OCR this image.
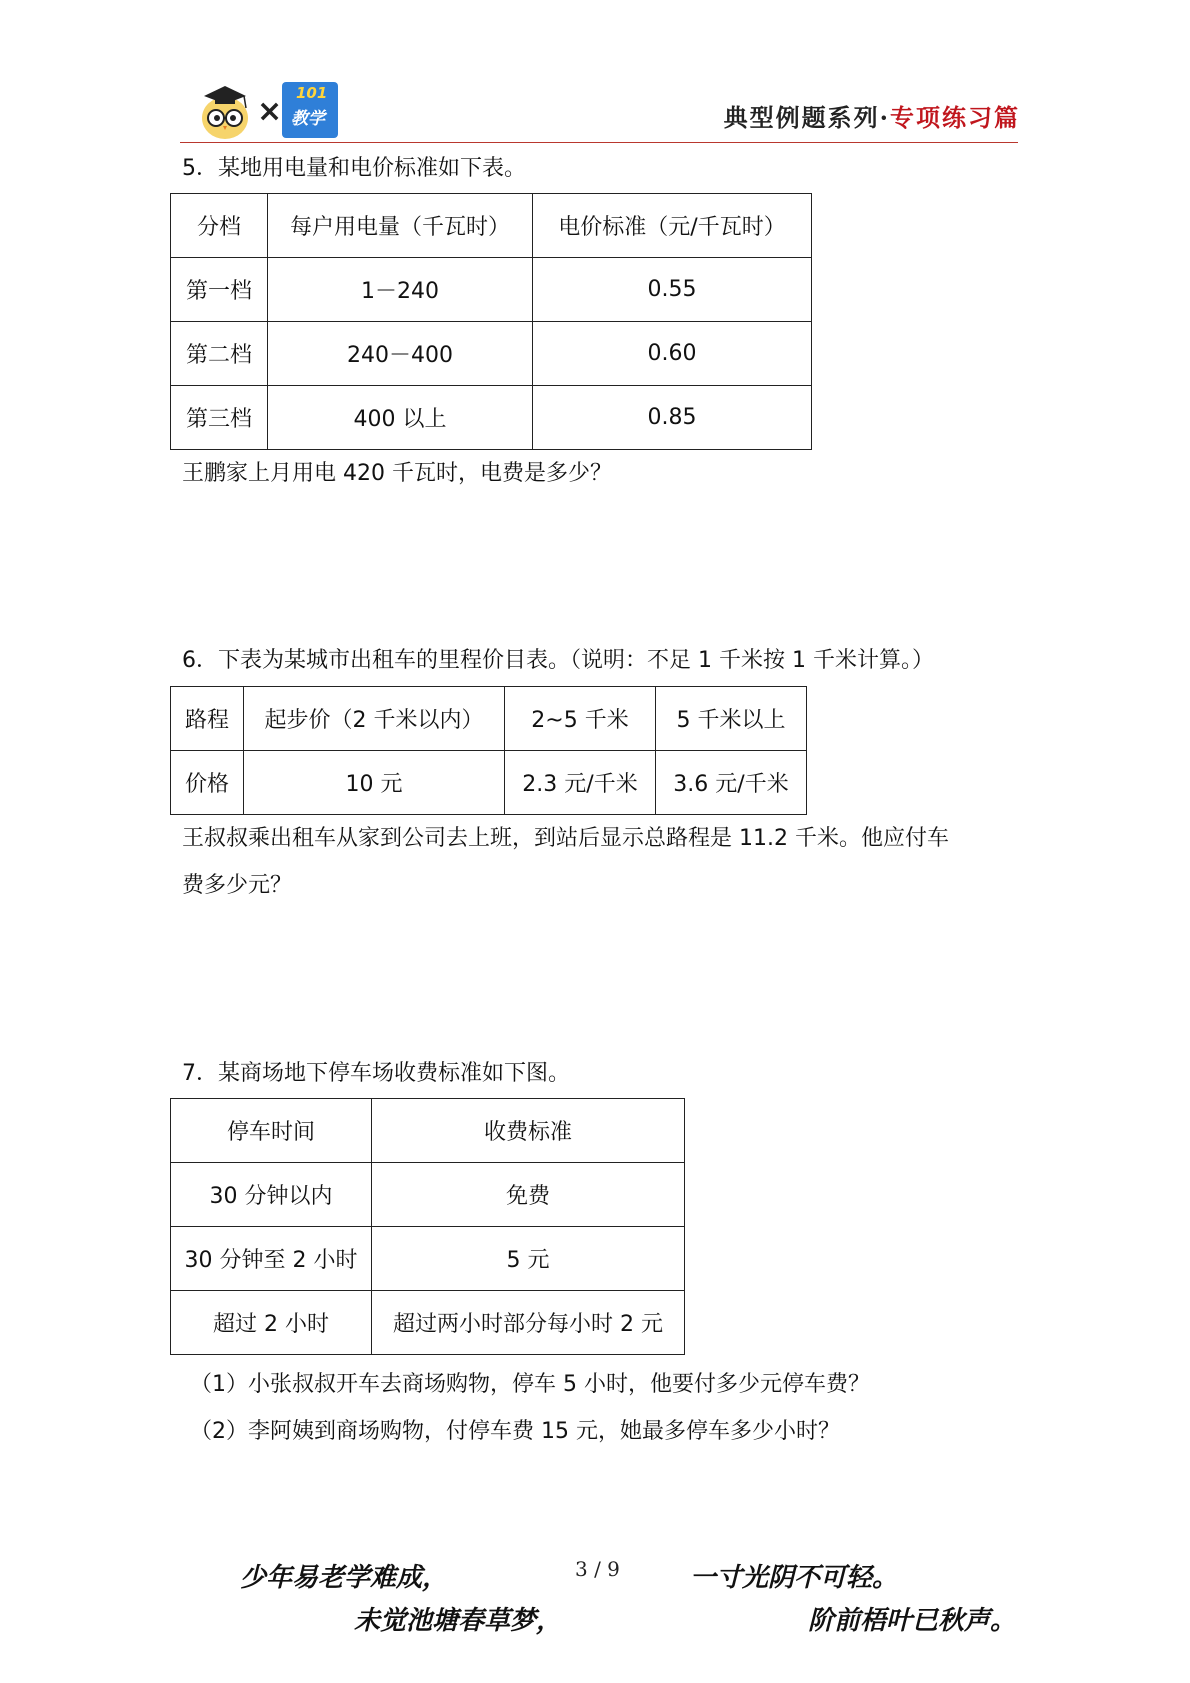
×
101
教学	典型例题系列·专项练习篇
5．某地用电量和电价标准如下表。
分档	每户用电量（千瓦时）	电价标准（元/千瓦时）
第一档	1－240	0.55
第二档	240－400	0.60
第三档	400 以上	0.85
王鹏家上月用电 420 千瓦时，电费是多少？
6．下表为某城市出租车的里程价目表。（说明：不足 1 千米按 1 千米计算。）
路程	起步价（2 千米以内）	2~5 千米	5 千米以上
价格	10 元	2.3 元/千米	3.6 元/千米
王叔叔乘出租车从家到公司去上班，到站后显示总路程是 11.2 千米。他应付车
费多少元？
7．某商场地下停车场收费标准如下图。
停车时间	收费标准
30 分钟以内	免费
30 分钟至 2 小时	5 元
超过 2 小时	超过两小时部分每小时 2 元
（1）小张叔叔开车去商场购物，停车 5 小时，他要付多少元停车费？
（2）李阿姨到商场购物，付停车费 15 元，她最多停车多少小时？
少年易老学难成，	3 / 9	一寸光阴不可轻。
未觉池塘春草梦，	阶前梧叶已秋声。
